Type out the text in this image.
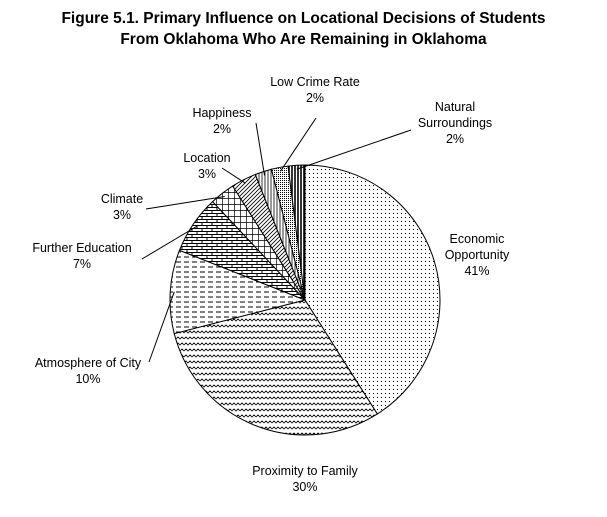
Figure 5.1. Primary Influence on Locational Decisions of Students
From Oklahoma Who Are Remaining in Oklahoma
Economic Opportunity 41%
Proximity to Family 30%
Atmosphere of City 10%
Further Education 7%
Climate 3%
Location 3%
Happiness 2%
Low Crime Rate 2%
Natural Surroundings 2%
